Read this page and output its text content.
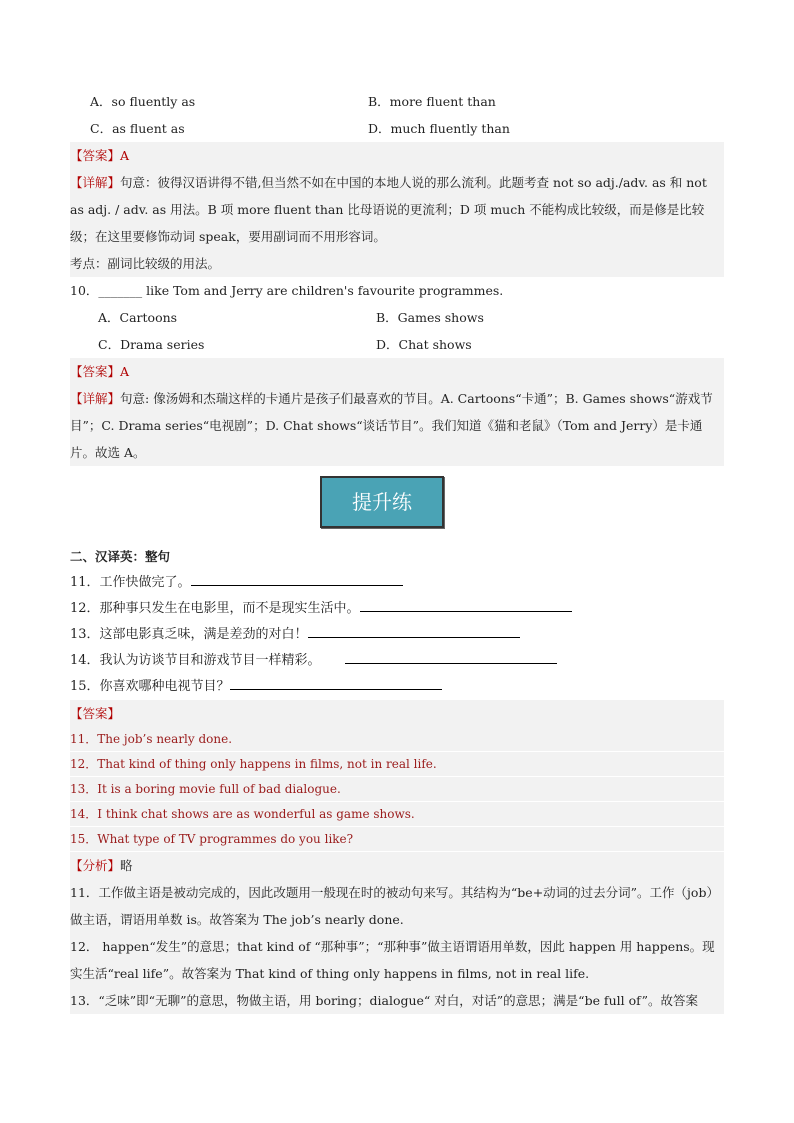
A．so fluently as	B．more fluent than
C．as fluent as	D．much fluently than
【答案】A
【详解】句意：彼得汉语讲得不错,但当然不如在中国的本地人说的那么流利。此题考查 not so adj./adv. as 和 not as adj. / adv. as 用法。B 项 more fluent than 比母语说的更流利；D 项 much 不能构成比较级，而是修是比较级；在这里要修饰动词 speak，要用副词而不用形容词。
考点：副词比较级的用法。
10．_______ like Tom and Jerry are children's favourite programmes.
A．Cartoons	B．Games shows
C．Drama series	D．Chat shows
【答案】A
【详解】句意: 像汤姆和杰瑞这样的卡通片是孩子们最喜欢的节目。A. Cartoons“卡通”；B. Games shows“游戏节目”；C. Drama series“电视剧”；D. Chat shows“谈话节目”。我们知道《猫和老鼠》（Tom and Jerry）是卡通片。故选 A。
提升练
二、汉译英：整句
11．工作快做完了。
12．那种事只发生在电影里，而不是现实生活中。
13．这部电影真乏味，满是差劲的对白！
14．我认为访谈节目和游戏节目一样精彩。
15．你喜欢哪种电视节目？
【答案】
11．The job’s nearly done.
12．That kind of thing only happens in films, not in real life.
13．It is a boring movie full of bad dialogue.
14．I think chat shows are as wonderful as game shows.
15．What type of TV programmes do you like?
【分析】略
11．工作做主语是被动完成的，因此改题用一般现在时的被动句来写。其结构为“be+动词的过去分词”。工作（job）做主语，谓语用单数 is。故答案为 The job’s nearly done.
12． happen“发生”的意思；that kind of “那种事”；“那种事”做主语谓语用单数，因此 happen 用 happens。现实生活“real life”。故答案为 That kind of thing only happens in films, not in real life.
13．“乏味”即“无聊”的意思，物做主语，用 boring；dialogue“ 对白，对话”的意思；满是“be full of”。故答案
